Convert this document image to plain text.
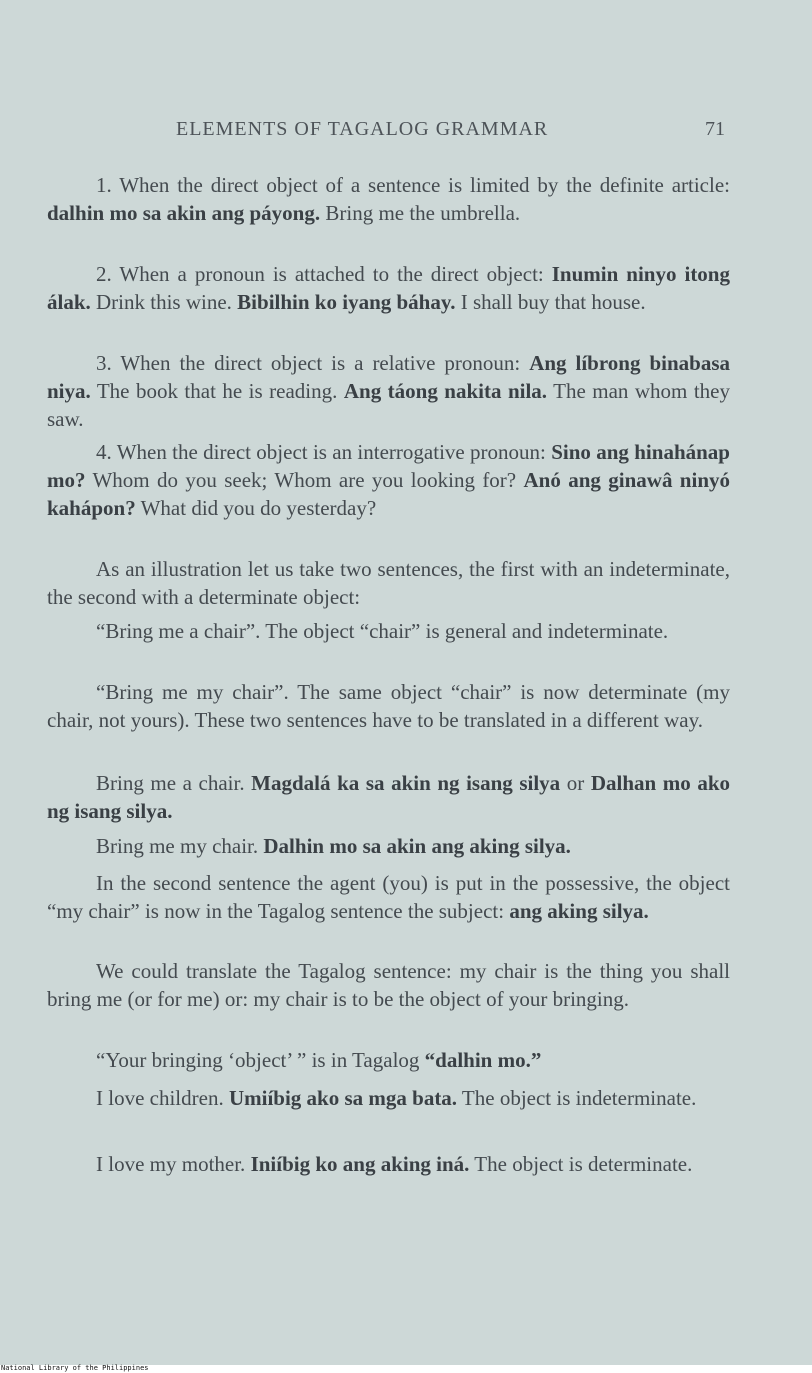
ELEMENTS OF TAGALOG GRAMMAR	71

1. When the direct object of a sentence is limited by the definite article: dalhin mo sa akin ang páyong. Bring me the umbrella.

2. When a pronoun is attached to the direct object: Inumin ninyo itong álak. Drink this wine. Bibilhin ko iyang báhay. I shall buy that house.

3. When the direct object is a relative pronoun: Ang líbrong binabasa niya. The book that he is reading. Ang táong nakita nila. The man whom they saw.

4. When the direct object is an interrogative pronoun: Sino ang hinahánap mo? Whom do you seek; Whom are you looking for? Anó ang ginawâ ninyó kahápon? What did you do yesterday?

As an illustration let us take two sentences, the first with an indeterminate, the second with a determinate object:

“Bring me a chair”. The object “chair” is general and indeterminate.

“Bring me my chair”. The same object “chair” is now determinate (my chair, not yours). These two sentences have to be translated in a different way.

Bring me a chair. Magdalá ka sa akin ng isang silya or Dalhan mo ako ng isang silya.

Bring me my chair. Dalhin mo sa akin ang aking silya.

In the second sentence the agent (you) is put in the possessive, the object “my chair” is now in the Tagalog sentence the subject: ang aking silya.

We could translate the Tagalog sentence: my chair is the thing you shall bring me (or for me) or: my chair is to be the object of your bringing.

“Your bringing ‘object’ ” is in Tagalog “dalhin mo.”

I love children. Umiíbig ako sa mga bata. The object is indeterminate.

I love my mother. Iniíbig ko ang aking iná. The object is determinate.

National Library of the Philippines
